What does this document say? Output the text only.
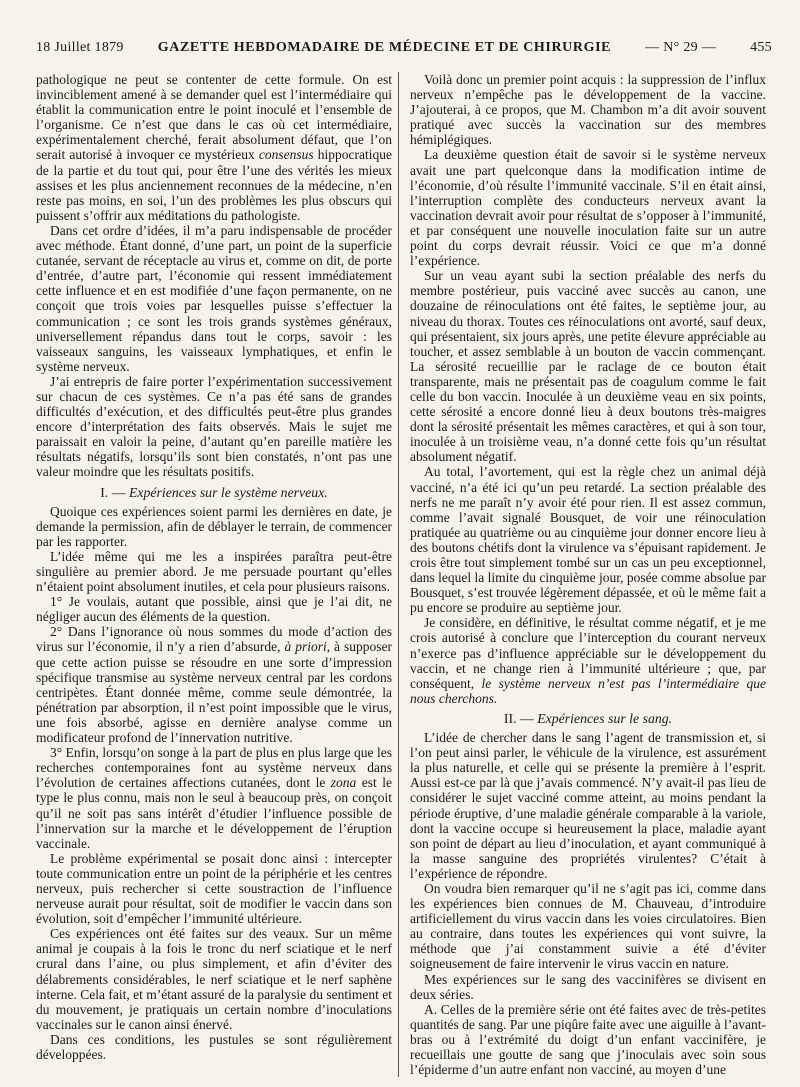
18 Juillet 1879 GAZETTE HEBDOMADAIRE DE MÉDECINE ET DE CHIRURGIE — N° 29 — 455

pathologique ne peut se contenter de cette formule. On est invinciblement amené à se demander quel est l’intermédiaire qui établit la communication entre le point inoculé et l’ensemble de l’organisme. Ce n’est que dans le cas où cet intermédiaire, expérimentalement cherché, ferait absolument défaut, que l’on serait autorisé à invoquer ce mystérieux consensus hippocratique de la partie et du tout qui, pour être l’une des vérités les mieux assises et les plus anciennement reconnues de la médecine, n’en reste pas moins, en soi, l’un des problèmes les plus obscurs qui puissent s’offrir aux méditations du pathologiste.

Dans cet ordre d’idées, il m’a paru indispensable de procéder avec méthode. Étant donné, d’une part, un point de la superficie cutanée, servant de réceptacle au virus et, comme on dit, de porte d’entrée, d’autre part, l’économie qui ressent immédiatement cette influence et en est modifiée d’une façon permanente, on ne conçoit que trois voies par lesquelles puisse s’effectuer la communication ; ce sont les trois grands systèmes généraux, universellement répandus dans tout le corps, savoir : les vaisseaux sanguins, les vaisseaux lymphatiques, et enfin le système nerveux.

J’ai entrepris de faire porter l’expérimentation successivement sur chacun de ces systèmes. Ce n’a pas été sans de grandes difficultés d’exécution, et des difficultés peut-être plus grandes encore d’interprétation des faits observés. Mais le sujet me paraissait en valoir la peine, d’autant qu’en pareille matière les résultats négatifs, lorsqu’ils sont bien constatés, n’ont pas une valeur moindre que les résultats positifs.

I. — Expériences sur le système nerveux.

Quoique ces expériences soient parmi les dernières en date, je demande la permission, afin de déblayer le terrain, de commencer par les rapporter.

L’idée même qui me les a inspirées paraîtra peut-être singulière au premier abord. Je me persuade pourtant qu’elles n’étaient point absolument inutiles, et cela pour plusieurs raisons.

1° Je voulais, autant que possible, ainsi que je l’ai dit, ne négliger aucun des éléments de la question.

2° Dans l’ignorance où nous sommes du mode d’action des virus sur l’économie, il n’y a rien d’absurde, à priori, à supposer que cette action puisse se résoudre en une sorte d’impression spécifique transmise au système nerveux central par les cordons centripètes. Étant donnée même, comme seule démontrée, la pénétration par absorption, il n’est point impossible que le virus, une fois absorbé, agisse en dernière analyse comme un modificateur profond de l’innervation nutritive.

3° Enfin, lorsqu’on songe à la part de plus en plus large que les recherches contemporaines font au système nerveux dans l’évolution de certaines affections cutanées, dont le zona est le type le plus connu, mais non le seul à beaucoup près, on conçoit qu’il ne soit pas sans intérêt d’étudier l’influence possible de l’innervation sur la marche et le développement de l’éruption vaccinale.

Le problème expérimental se posait donc ainsi : intercepter toute communication entre un point de la périphérie et les centres nerveux, puis rechercher si cette soustraction de l’influence nerveuse aurait pour résultat, soit de modifier le vaccin dans son évolution, soit d’empêcher l’immunité ultérieure.

Ces expériences ont été faites sur des veaux. Sur un même animal je coupais à la fois le tronc du nerf sciatique et le nerf crural dans l’aine, ou plus simplement, et afin d’éviter des délabrements considérables, le nerf sciatique et le nerf saphène interne. Cela fait, et m’étant assuré de la paralysie du sentiment et du mouvement, je pratiquais un certain nombre d’inoculations vaccinales sur le canon ainsi énervé.

Dans ces conditions, les pustules se sont régulièrement développées.

Voilà donc un premier point acquis : la suppression de l’influx nerveux n’empêche pas le développement de la vaccine. J’ajouterai, à ce propos, que M. Chambon m’a dit avoir souvent pratiqué avec succès la vaccination sur des membres hémiplégiques.

La deuxième question était de savoir si le système nerveux avait une part quelconque dans la modification intime de l’économie, d’où résulte l’immunité vaccinale. S’il en était ainsi, l’interruption complète des conducteurs nerveux avant la vaccination devrait avoir pour résultat de s’opposer à l’immunité, et par conséquent une nouvelle inoculation faite sur un autre point du corps devrait réussir. Voici ce que m’a donné l’expérience.

Sur un veau ayant subi la section préalable des nerfs du membre postérieur, puis vacciné avec succès au canon, une douzaine de réinoculations ont été faites, le septième jour, au niveau du thorax. Toutes ces réinoculations ont avorté, sauf deux, qui présentaient, six jours après, une petite élevure appréciable au toucher, et assez semblable à un bouton de vaccin commençant. La sérosité recueillie par le raclage de ce bouton était transparente, mais ne présentait pas de coagulum comme le fait celle du bon vaccin. Inoculée à un deuxième veau en six points, cette sérosité a encore donné lieu à deux boutons très-maigres dont la sérosité présentait les mêmes caractères, et qui à son tour, inoculée à un troisième veau, n’a donné cette fois qu’un résultat absolument négatif.

Au total, l’avortement, qui est la règle chez un animal déjà vacciné, n’a été ici qu’un peu retardé. La section préalable des nerfs ne me paraît n’y avoir été pour rien. Il est assez commun, comme l’avait signalé Bousquet, de voir une réinoculation pratiquée au quatrième ou au cinquième jour donner encore lieu à des boutons chétifs dont la virulence va s’épuisant rapidement. Je crois être tout simplement tombé sur un cas un peu exceptionnel, dans lequel la limite du cinquième jour, posée comme absolue par Bousquet, s’est trouvée légèrement dépassée, et où le même fait a pu encore se produire au septième jour.

Je considère, en définitive, le résultat comme négatif, et je me crois autorisé à conclure que l’interception du courant nerveux n’exerce pas d’influence appréciable sur le développement du vaccin, et ne change rien à l’immunité ultérieure ; que, par conséquent, le système nerveux n’est pas l’intermédiaire que nous cherchons.

II. — Expériences sur le sang.

L’idée de chercher dans le sang l’agent de transmission et, si l’on peut ainsi parler, le véhicule de la virulence, est assurément la plus naturelle, et celle qui se présente la première à l’esprit. Aussi est-ce par là que j’avais commencé. N’y avait-il pas lieu de considérer le sujet vacciné comme atteint, au moins pendant la période éruptive, d’une maladie générale comparable à la variole, dont la vaccine occupe si heureusement la place, maladie ayant son point de départ au lieu d’inoculation, et ayant communiqué à la masse sanguine des propriétés virulentes? C’était à l’expérience de répondre.

On voudra bien remarquer qu’il ne s’agit pas ici, comme dans les expériences bien connues de M. Chauveau, d’introduire artificiellement du virus vaccin dans les voies circulatoires. Bien au contraire, dans toutes les expériences qui vont suivre, la méthode que j’ai constamment suivie a été d’éviter soigneusement de faire intervenir le virus vaccin en nature.

Mes expériences sur le sang des vaccinifères se divisent en deux séries.

A. Celles de la première série ont été faites avec de très-petites quantités de sang. Par une piqûre faite avec une aiguille à l’avant-bras ou à l’extrémité du doigt d’un enfant vaccinifère, je recueillais une goutte de sang que j’inoculais avec soin sous l’épiderme d’un autre enfant non vacciné, au moyen d’une
